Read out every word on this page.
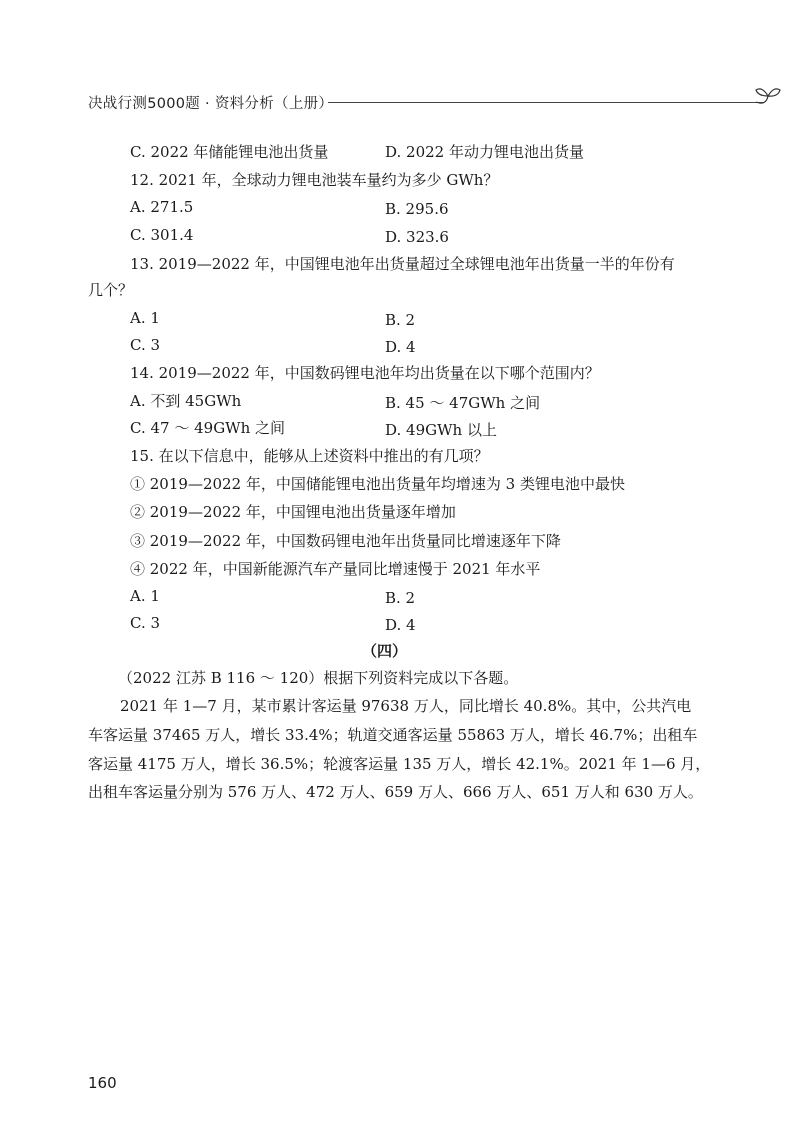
决战行测5000题 · 资料分析（上册）
C. 2022 年储能锂电池出货量	D. 2022 年动力锂电池出货量
12. 2021 年，全球动力锂电池装车量约为多少 GWh？
A. 271.5	B. 295.6
C. 301.4	D. 323.6
13. 2019—2022 年，中国锂电池年出货量超过全球锂电池年出货量一半的年份有
几个？
A. 1	B. 2
C. 3	D. 4
14. 2019—2022 年，中国数码锂电池年均出货量在以下哪个范围内？
A. 不到 45GWh	B. 45 ～ 47GWh 之间
C. 47 ～ 49GWh 之间	D. 49GWh 以上
15. 在以下信息中，能够从上述资料中推出的有几项？
① 2019—2022 年，中国储能锂电池出货量年均增速为 3 类锂电池中最快
② 2019—2022 年，中国锂电池出货量逐年增加
③ 2019—2022 年，中国数码锂电池年出货量同比增速逐年下降
④ 2022 年，中国新能源汽车产量同比增速慢于 2021 年水平
A. 1	B. 2
C. 3	D. 4
（四）
（2022 江苏 B 116 ～ 120）根据下列资料完成以下各题。
2021 年 1—7 月，某市累计客运量 97638 万人，同比增长 40.8%。其中，公共汽电
车客运量 37465 万人，增长 33.4%；轨道交通客运量 55863 万人，增长 46.7%；出租车
客运量 4175 万人，增长 36.5%；轮渡客运量 135 万人，增长 42.1%。2021 年 1—6 月，
出租车客运量分别为 576 万人、472 万人、659 万人、666 万人、651 万人和 630 万人。
160
